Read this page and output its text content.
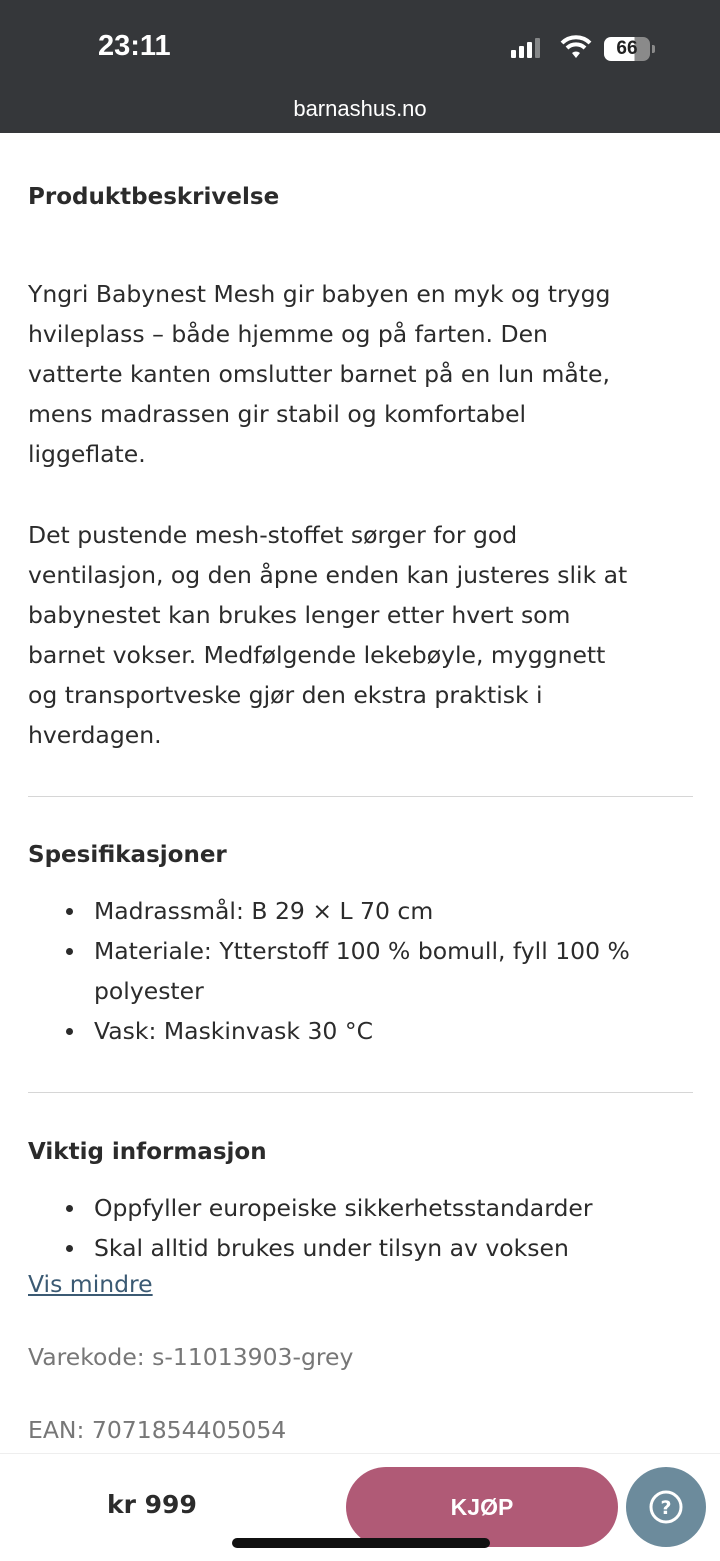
23:11	66
barnashus.no
Produktbeskrivelse
Yngri Babynest Mesh gir babyen en myk og trygg
hvileplass – både hjemme og på farten. Den
vatterte kanten omslutter barnet på en lun måte,
mens madrassen gir stabil og komfortabel
liggeflate.
Det pustende mesh-stoffet sørger for god
ventilasjon, og den åpne enden kan justeres slik at
babynestet kan brukes lenger etter hvert som
barnet vokser. Medfølgende lekebøyle, myggnett
og transportveske gjør den ekstra praktisk i
hverdagen.
Spesifikasjoner
Madrassmål: B 29 × L 70 cm
Materiale: Ytterstoff 100 % bomull, fyll 100 %
polyester
Vask: Maskinvask 30 °C
Viktig informasjon
Oppfyller europeiske sikkerhetsstandarder
Skal alltid brukes under tilsyn av voksen
Vis mindre
Varekode: s-11013903-grey
EAN: 7071854405054
kr 999	KJØP	?
